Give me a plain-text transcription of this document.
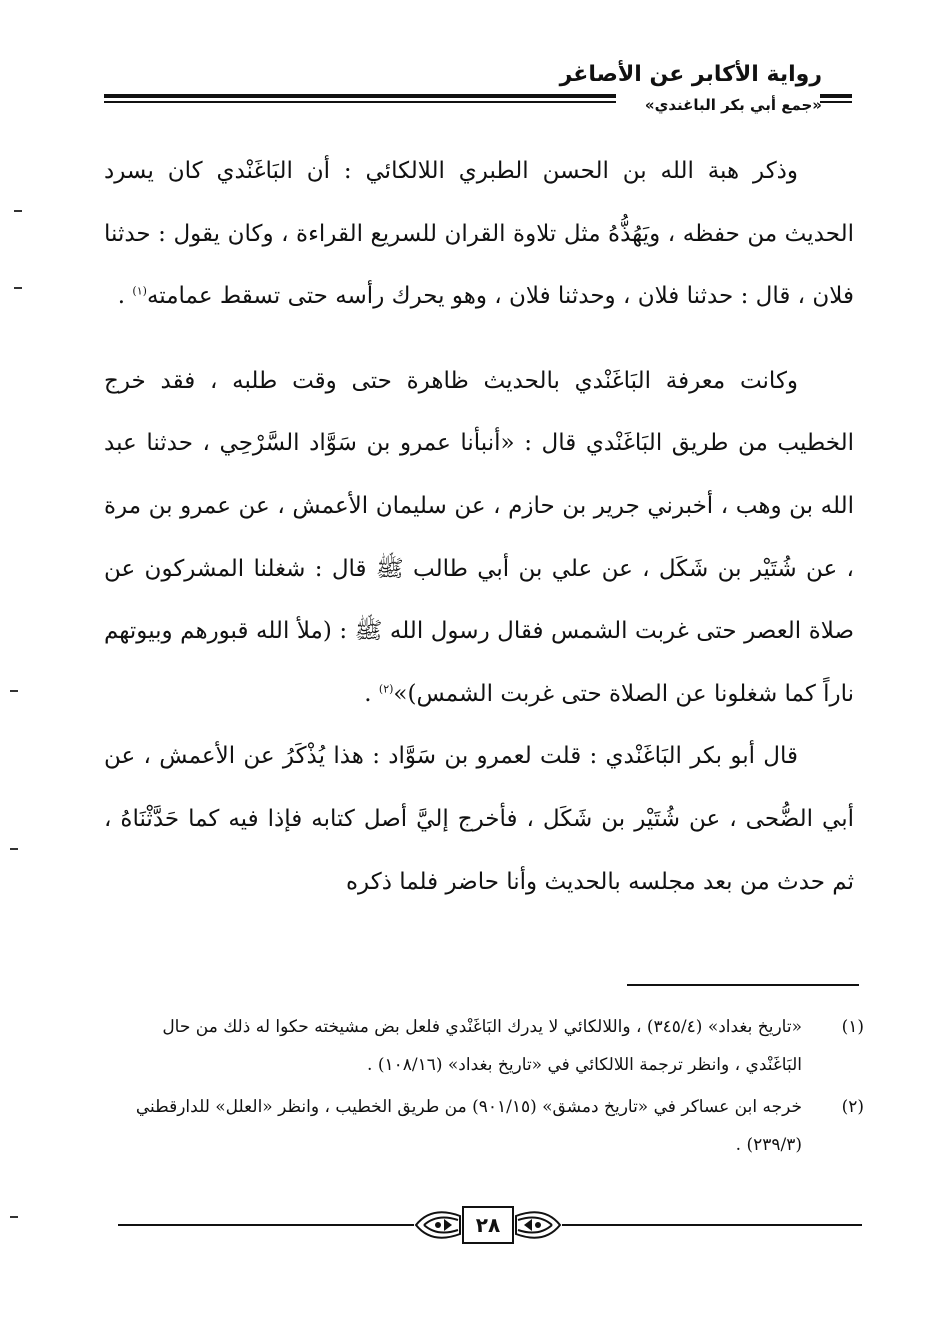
رواية الأكابر عن الأصاغر
«جمع أبي بكر الباغندي»

وذكر هبة الله بن الحسن الطبري اللالكائي : أن البَاغَنْدي كان يسرد الحديث من حفظه ، ويَهُذُّهُ مثل تلاوة القران للسريع القراءة ، وكان يقول : حدثنا فلان ، قال : حدثنا فلان ، وحدثنا فلان ، وهو يحرك رأسه حتى تسقط عمامته$^{(١)}$ .

وكانت معرفة البَاغَنْدي بالحديث ظاهرة حتى وقت طلبه ، فقد خرج الخطيب من طريق البَاغَنْدي قال : «أنبأنا عمرو بن سَوَّاد السَّرْحِي ، حدثنا عبد الله بن وهب ، أخبرني جرير بن حازم ، عن سليمان الأعمش ، عن عمرو بن مرة ، عن شُتَيْر بن شَكَل ، عن علي بن أبي طالب ﷺ قال : شغلنا المشركون عن صلاة العصر حتى غربت الشمس فقال رسول الله ﷺ : (ملأ الله قبورهم وبيوتهم ناراً كما شغلونا عن الصلاة حتى غربت الشمس)»$^{(٢)}$ .

قال أبو بكر البَاغَنْدي : قلت لعمرو بن سَوَّاد : هذا يُذْكَرُ عن الأعمش ، عن أبي الضُّحى ، عن شُتَيْر بن شَكَل ، فأخرج إليَّ أصل كتابه فإذا فيه كما حَدَّثْنَاهُ ، ثم حدث من بعد مجلسه بالحديث وأنا حاضر فلما ذكره

(١)
«تاريخ بغداد» (٣٤٥/٤) ، واللالكائي لا يدرك البَاغَنْدي فلعل بض مشيخته حكوا له ذلك من حال البَاغَنْدي ، وانظر ترجمة اللالكائي في «تاريخ بغداد» (١٠٨/١٦) .
(٢)
خرجه ابن عساكر في «تاريخ دمشق» (٩٠١/١٥) من طريق الخطيب ، وانظر «العلل» للدارقطني (٢٣٩/٣) .
٢٨
